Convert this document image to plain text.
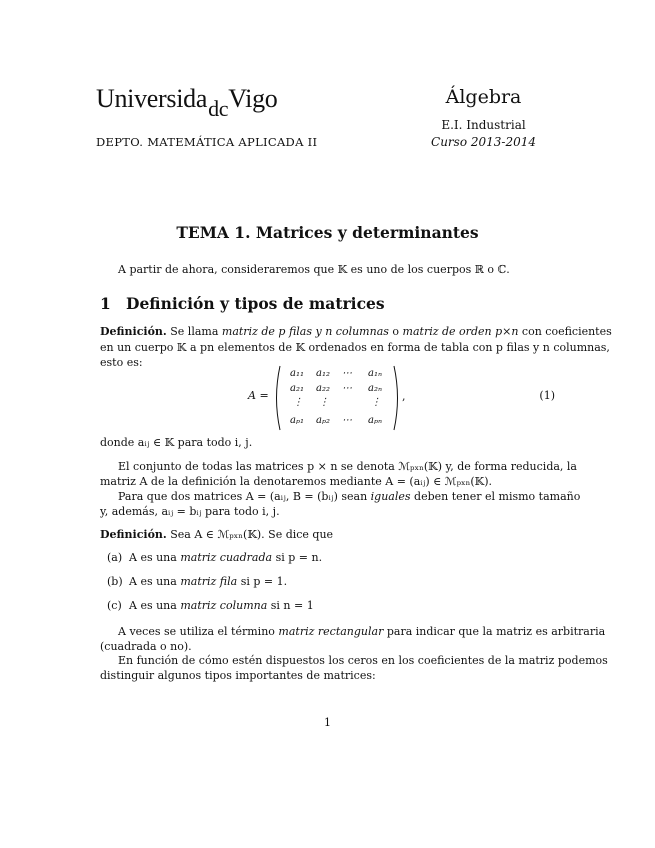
Universida$_{dc}$Vigo
DEPTO. MATEMÁTICA APLICADA II
Álgebra
E.I. Industrial
Curso 2013-2014
TEMA 1. Matrices y determinantes
A partir de ahora, consideraremos que 𝕂 es uno de los cuerpos ℝ o ℂ.
1 Definición y tipos de matrices
Definición. Se llama matriz de p filas y n columnas o matriz de orden p×n con coeficientes
en un cuerpo 𝕂 a pn elementos de 𝕂 ordenados en forma de tabla con p filas y n columnas,
esto es:
A =
a₁₁ a₁₂ ⋯ a₁ₙ
a₂₁ a₂₂ ⋯ a₂ₙ
⋮ ⋮	⋮
aₚ₁ aₚ₂ ⋯ aₚₙ
,	(1)
donde aᵢⱼ ∈ 𝕂 para todo i, j.
El conjunto de todas las matrices p × n se denota ℳₚₓₙ(𝕂) y, de forma reducida, la
matriz A de la definición la denotaremos mediante A = (aᵢⱼ) ∈ ℳₚₓₙ(𝕂).
Para que dos matrices A = (aᵢⱼ, B = (bᵢⱼ) sean iguales deben tener el mismo tamaño
y, además, aᵢⱼ = bᵢⱼ para todo i, j.
Definición. Sea A ∈ ℳₚₓₙ(𝕂). Se dice que
(a) A es una matriz cuadrada si p = n.
(b) A es una matriz fila si p = 1.
(c) A es una matriz columna si n = 1
A veces se utiliza el término matriz rectangular para indicar que la matriz es arbitraria
(cuadrada o no).
En función de cómo estén dispuestos los ceros en los coeficientes de la matriz podemos
distinguir algunos tipos importantes de matrices:
1
